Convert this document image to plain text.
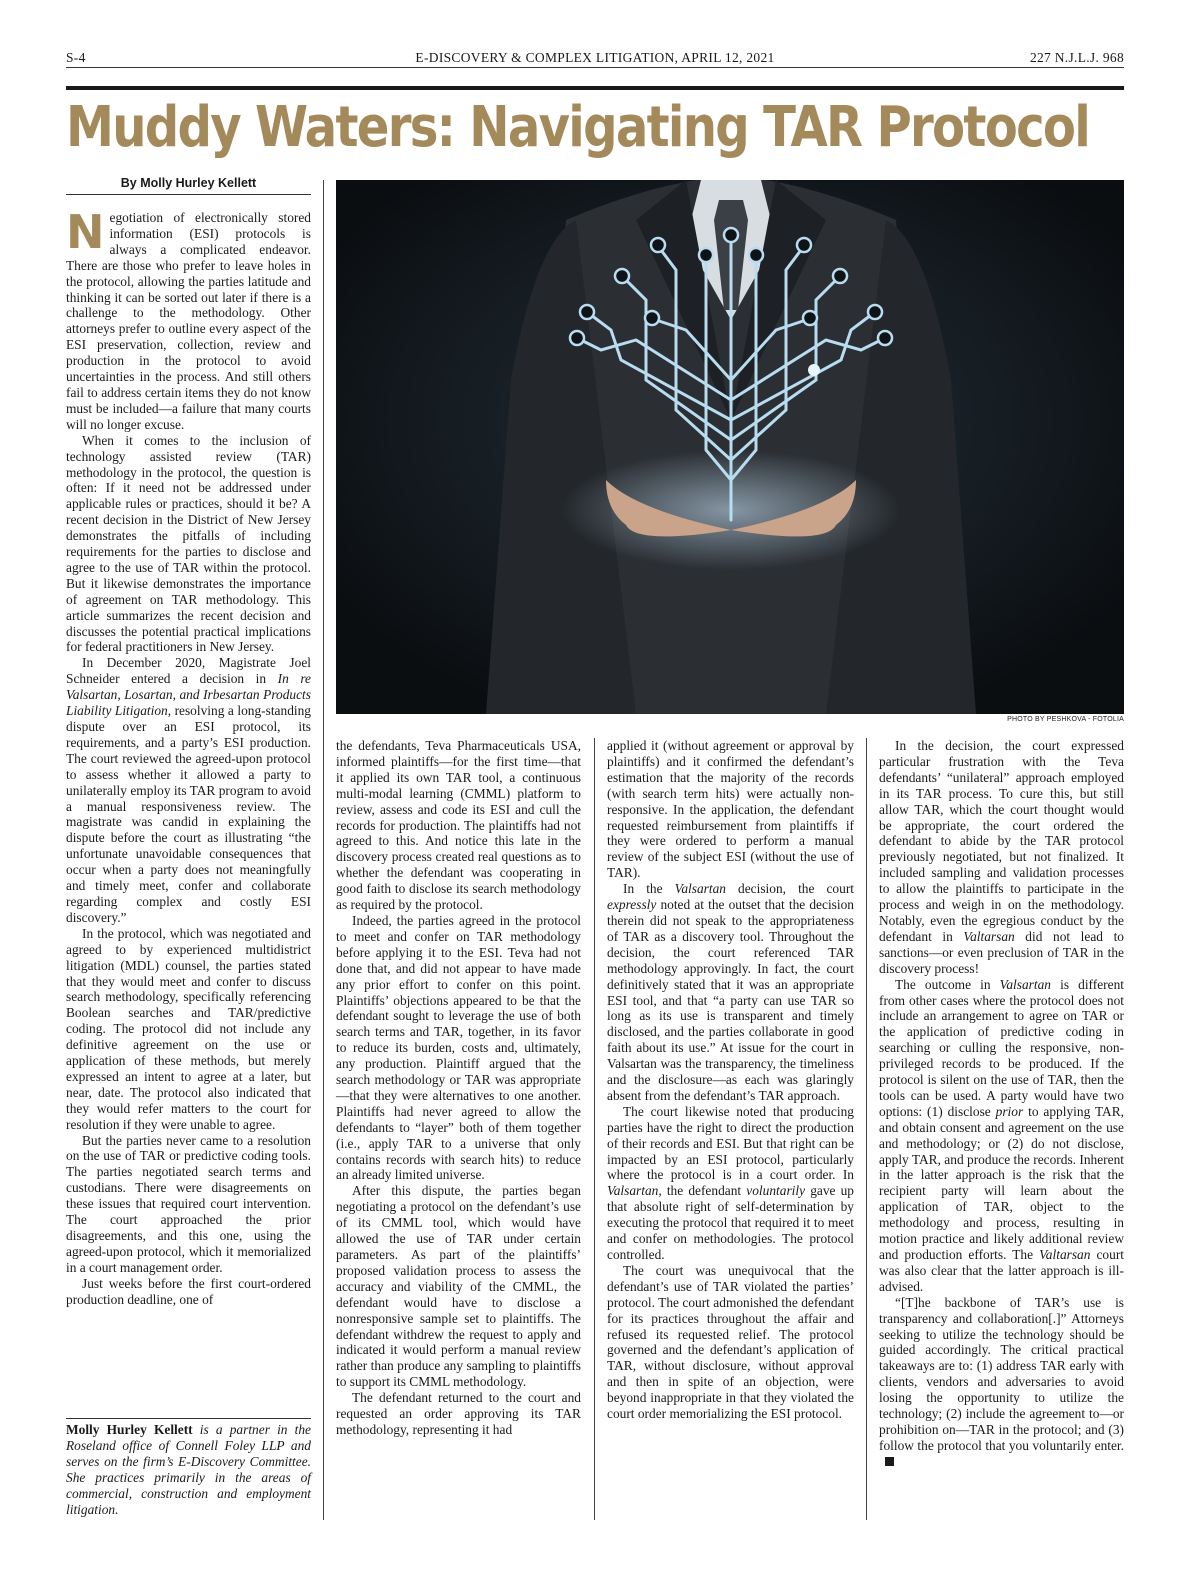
S-4	E-DISCOVERY & COMPLEX LITIGATION, APRIL 12, 2021	227 N.J.L.J. 968
Muddy Waters: Navigating TAR Protocol
By Molly Hurley Kellett
PHOTO BY PESHKOVA - FOTOLIA

Negotiation of electronically stored information (ESI) protocols is always a complicated endeavor. There are those who prefer to leave holes in the protocol, allowing the parties latitude and thinking it can be sorted out later if there is a challenge to the methodology. Other attorneys prefer to outline every aspect of the ESI preservation, collection, review and production in the protocol to avoid uncertainties in the process. And still others fail to address certain items they do not know must be included—a failure that many courts will no longer excuse.

When it comes to the inclusion of technology assisted review (TAR) methodology in the protocol, the question is often: If it need not be addressed under applicable rules or practices, should it be? A recent decision in the District of New Jersey demonstrates the pitfalls of including requirements for the parties to disclose and agree to the use of TAR within the protocol. But it likewise demonstrates the importance of agreement on TAR methodology. This article summarizes the recent decision and discusses the potential practical implications for federal practitioners in New Jersey.

In December 2020, Magistrate Joel Schneider entered a decision in In re Valsartan, Losartan, and Irbesartan Products Liability Litigation, resolving a long-standing dispute over an ESI protocol, its requirements, and a party’s ESI production. The court reviewed the agreed-upon protocol to assess whether it allowed a party to unilaterally employ its TAR program to avoid a manual responsiveness review. The magistrate was candid in explaining the dispute before the court as illustrating “the unfortunate unavoidable consequences that occur when a party does not meaningfully and timely meet, confer and collaborate regarding complex and costly ESI discovery.”

In the protocol, which was negotiated and agreed to by experienced multidistrict litigation (MDL) counsel, the parties stated that they would meet and confer to discuss search methodology, specifically referencing Boolean searches and TAR/predictive coding. The protocol did not include any definitive agreement on the use or application of these methods, but merely expressed an intent to agree at a later, but near, date. The protocol also indicated that they would refer matters to the court for resolution if they were unable to agree.

But the parties never came to a resolution on the use of TAR or predictive coding tools. The parties negotiated search terms and custodians. There were disagreements on these issues that required court intervention. The court approached the prior disagreements, and this one, using the agreed-upon protocol, which it memorialized in a court management order.

Just weeks before the first court-ordered production deadline, one of

Molly Hurley Kellett is a partner in the Roseland office of Connell Foley LLP and serves on the firm’s E-Discovery Committee. She practices primarily in the areas of commercial, construction and employment litigation.

the defendants, Teva Pharmaceuticals USA, informed plaintiffs—for the first time—that it applied its own TAR tool, a continuous multi-modal learning (CMML) platform to review, assess and code its ESI and cull the records for production. The plaintiffs had not agreed to this. And notice this late in the discovery process created real questions as to whether the defendant was cooperating in good faith to disclose its search methodology as required by the protocol.

Indeed, the parties agreed in the protocol to meet and confer on TAR methodology before applying it to the ESI. Teva had not done that, and did not appear to have made any prior effort to confer on this point. Plaintiffs’ objections appeared to be that the defendant sought to leverage the use of both search terms and TAR, together, in its favor to reduce its burden, costs and, ultimately, any production. Plaintiff argued that the search methodology or TAR was appropriate—that they were alternatives to one another. Plaintiffs had never agreed to allow the defendants to “layer” both of them together (i.e., apply TAR to a universe that only contains records with search hits) to reduce an already limited universe.

After this dispute, the parties began negotiating a protocol on the defendant’s use of its CMML tool, which would have allowed the use of TAR under certain parameters. As part of the plaintiffs’ proposed validation process to assess the accuracy and viability of the CMML, the defendant would have to disclose a nonresponsive sample set to plaintiffs. The defendant withdrew the request to apply and indicated it would perform a manual review rather than produce any sampling to plaintiffs to support its CMML methodology.

The defendant returned to the court and requested an order approving its TAR methodology, representing it had

applied it (without agreement or approval by plaintiffs) and it confirmed the defendant’s estimation that the majority of the records (with search term hits) were actually non-responsive. In the application, the defendant requested reimbursement from plaintiffs if they were ordered to perform a manual review of the subject ESI (without the use of TAR).

In the Valsartan decision, the court expressly noted at the outset that the decision therein did not speak to the appropriateness of TAR as a discovery tool. Throughout the decision, the court referenced TAR methodology approvingly. In fact, the court definitively stated that it was an appropriate ESI tool, and that “a party can use TAR so long as its use is transparent and timely disclosed, and the parties collaborate in good faith about its use.” At issue for the court in Valsartan was the transparency, the timeliness and the disclosure—as each was glaringly absent from the defendant’s TAR approach.

The court likewise noted that producing parties have the right to direct the production of their records and ESI. But that right can be impacted by an ESI protocol, particularly where the protocol is in a court order. In Valsartan, the defendant voluntarily gave up that absolute right of self-determination by executing the protocol that required it to meet and confer on methodologies. The protocol controlled.

The court was unequivocal that the defendant’s use of TAR violated the parties’ protocol. The court admonished the defendant for its practices throughout the affair and refused its requested relief. The protocol governed and the defendant’s application of TAR, without disclosure, without approval and then in spite of an objection, were beyond inappropriate in that they violated the court order memorializing the ESI protocol.

In the decision, the court expressed particular frustration with the Teva defendants’ “unilateral” approach employed in its TAR process. To cure this, but still allow TAR, which the court thought would be appropriate, the court ordered the defendant to abide by the TAR protocol previously negotiated, but not finalized. It included sampling and validation processes to allow the plaintiffs to participate in the process and weigh in on the methodology. Notably, even the egregious conduct by the defendant in Valtarsan did not lead to sanctions—or even preclusion of TAR in the discovery process!

The outcome in Valsartan is different from other cases where the protocol does not include an arrangement to agree on TAR or the application of predictive coding in searching or culling the responsive, non-privileged records to be produced. If the protocol is silent on the use of TAR, then the tools can be used. A party would have two options: (1) disclose prior to applying TAR, and obtain consent and agreement on the use and methodology; or (2) do not disclose, apply TAR, and produce the records. Inherent in the latter approach is the risk that the recipient party will learn about the application of TAR, object to the methodology and process, resulting in motion practice and likely additional review and production efforts. The Valtarsan court was also clear that the latter approach is ill-advised.

“[T]he backbone of TAR’s use is transparency and collaboration[.]” Attorneys seeking to utilize the technology should be guided accordingly. The critical practical takeaways are to: (1) address TAR early with clients, vendors and adversaries to avoid losing the opportunity to utilize the technology; (2) include the agreement to—or prohibition on—TAR in the protocol; and (3) follow the protocol that you voluntarily enter.
